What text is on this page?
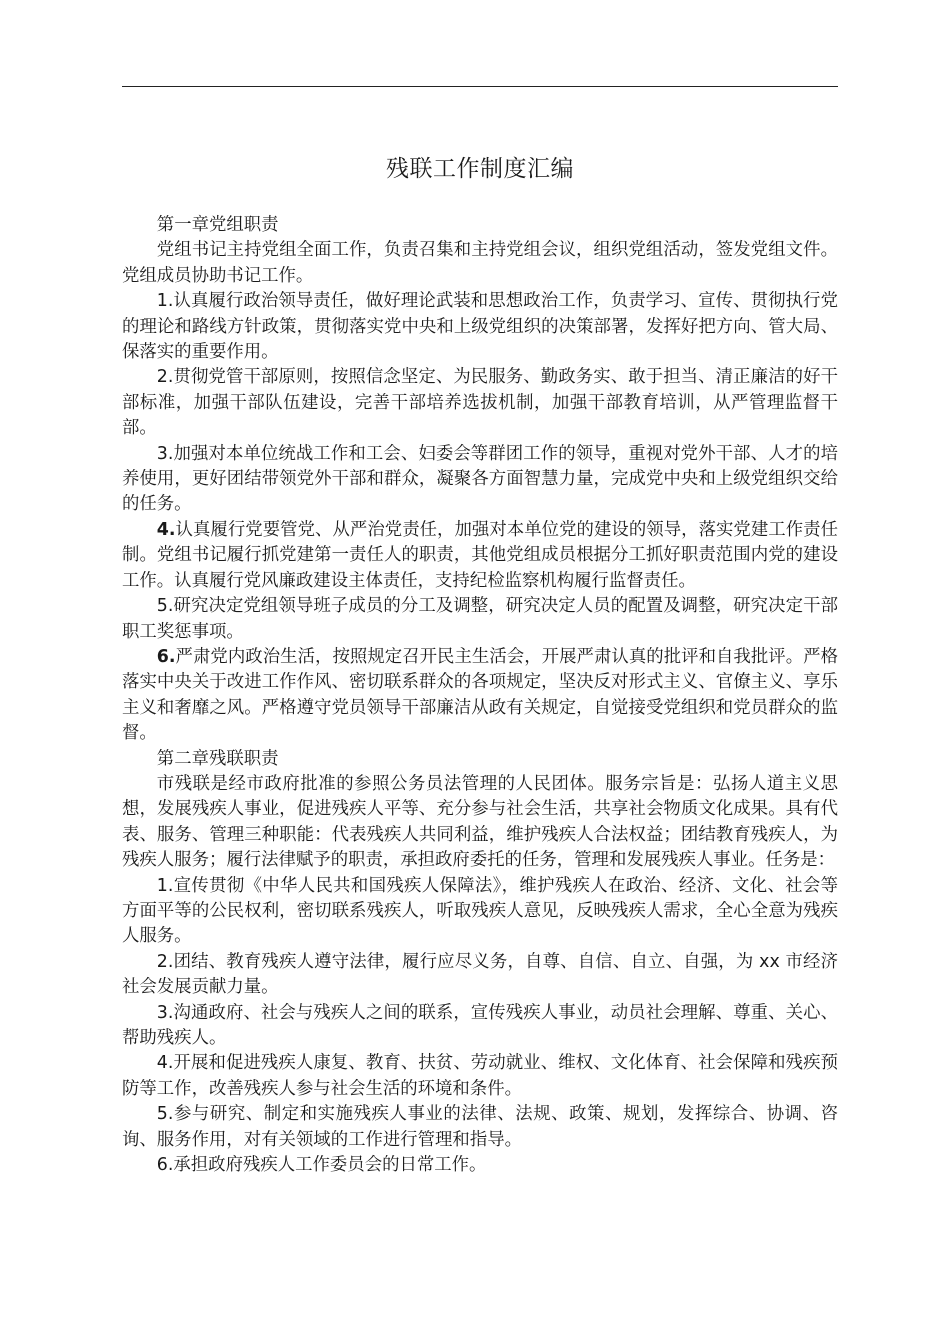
残联工作制度汇编

第一章党组职责

党组书记主持党组全面工作，负责召集和主持党组会议，组织党组活动，签发党组文件。党组成员协助书记工作。

1.认真履行政治领导责任，做好理论武装和思想政治工作，负责学习、宣传、贯彻执行党的理论和路线方针政策，贯彻落实党中央和上级党组织的决策部署，发挥好把方向、管大局、保落实的重要作用。

2.贯彻党管干部原则，按照信念坚定、为民服务、勤政务实、敢于担当、清正廉洁的好干部标准，加强干部队伍建设，完善干部培养选拔机制，加强干部教育培训，从严管理监督干部。

3.加强对本单位统战工作和工会、妇委会等群团工作的领导，重视对党外干部、人才的培养使用，更好团结带领党外干部和群众，凝聚各方面智慧力量，完成党中央和上级党组织交给的任务。

4.认真履行党要管党、从严治党责任，加强对本单位党的建设的领导，落实党建工作责任制。党组书记履行抓党建第一责任人的职责，其他党组成员根据分工抓好职责范围内党的建设工作。认真履行党风廉政建设主体责任，支持纪检监察机构履行监督责任。

5.研究决定党组领导班子成员的分工及调整，研究决定人员的配置及调整，研究决定干部职工奖惩事项。

6.严肃党内政治生活，按照规定召开民主生活会，开展严肃认真的批评和自我批评。严格落实中央关于改进工作作风、密切联系群众的各项规定，坚决反对形式主义、官僚主义、享乐主义和奢靡之风。严格遵守党员领导干部廉洁从政有关规定，自觉接受党组织和党员群众的监督。

第二章残联职责

市残联是经市政府批准的参照公务员法管理的人民团体。服务宗旨是：弘扬人道主义思想，发展残疾人事业，促进残疾人平等、充分参与社会生活，共享社会物质文化成果。具有代表、服务、管理三种职能：代表残疾人共同利益，维护残疾人合法权益；团结教育残疾人，为残疾人服务；履行法律赋予的职责，承担政府委托的任务，管理和发展残疾人事业。任务是：

1.宣传贯彻《中华人民共和国残疾人保障法》，维护残疾人在政治、经济、文化、社会等方面平等的公民权利，密切联系残疾人，听取残疾人意见，反映残疾人需求，全心全意为残疾人服务。

2.团结、教育残疾人遵守法律，履行应尽义务，自尊、自信、自立、自强，为 xx 市经济社会发展贡献力量。

3.沟通政府、社会与残疾人之间的联系，宣传残疾人事业，动员社会理解、尊重、关心、帮助残疾人。

4.开展和促进残疾人康复、教育、扶贫、劳动就业、维权、文化体育、社会保障和残疾预防等工作，改善残疾人参与社会生活的环境和条件。

5.参与研究、制定和实施残疾人事业的法律、法规、政策、规划，发挥综合、协调、咨询、服务作用，对有关领域的工作进行管理和指导。

6.承担政府残疾人工作委员会的日常工作。
